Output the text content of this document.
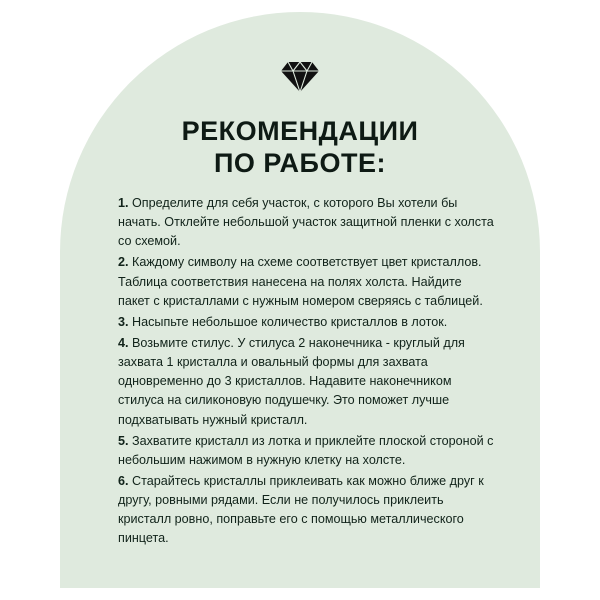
РЕКОМЕНДАЦИИ
ПО РАБОТЕ:

1. Определите для себя участок, с которого Вы хотели бы начать. Отклейте небольшой участок защитной пленки с холста со схемой.

2. Каждому символу на схеме соответствует цвет кристаллов. Таблица соответствия нанесена на полях холста. Найдите пакет с кристаллами с нужным номером сверяясь с таблицей.

3. Насыпьте небольшое количество кристаллов в лоток.

4. Возьмите стилус. У стилуса 2 наконечника - круглый для захвата 1 кристалла и овальный формы для захвата одновременно до 3 кристаллов. Надавите наконечником стилуса на силиконовую подушечку. Это поможет лучше подхватывать нужный кристалл.

5. Захватите кристалл из лотка и приклейте плоской стороной с небольшим нажимом в нужную клетку на холсте.

6. Старайтесь кристаллы приклеивать как можно ближе друг к другу, ровными рядами. Если не получилось приклеить кристалл ровно, поправьте его с помощью металлического пинцета.
